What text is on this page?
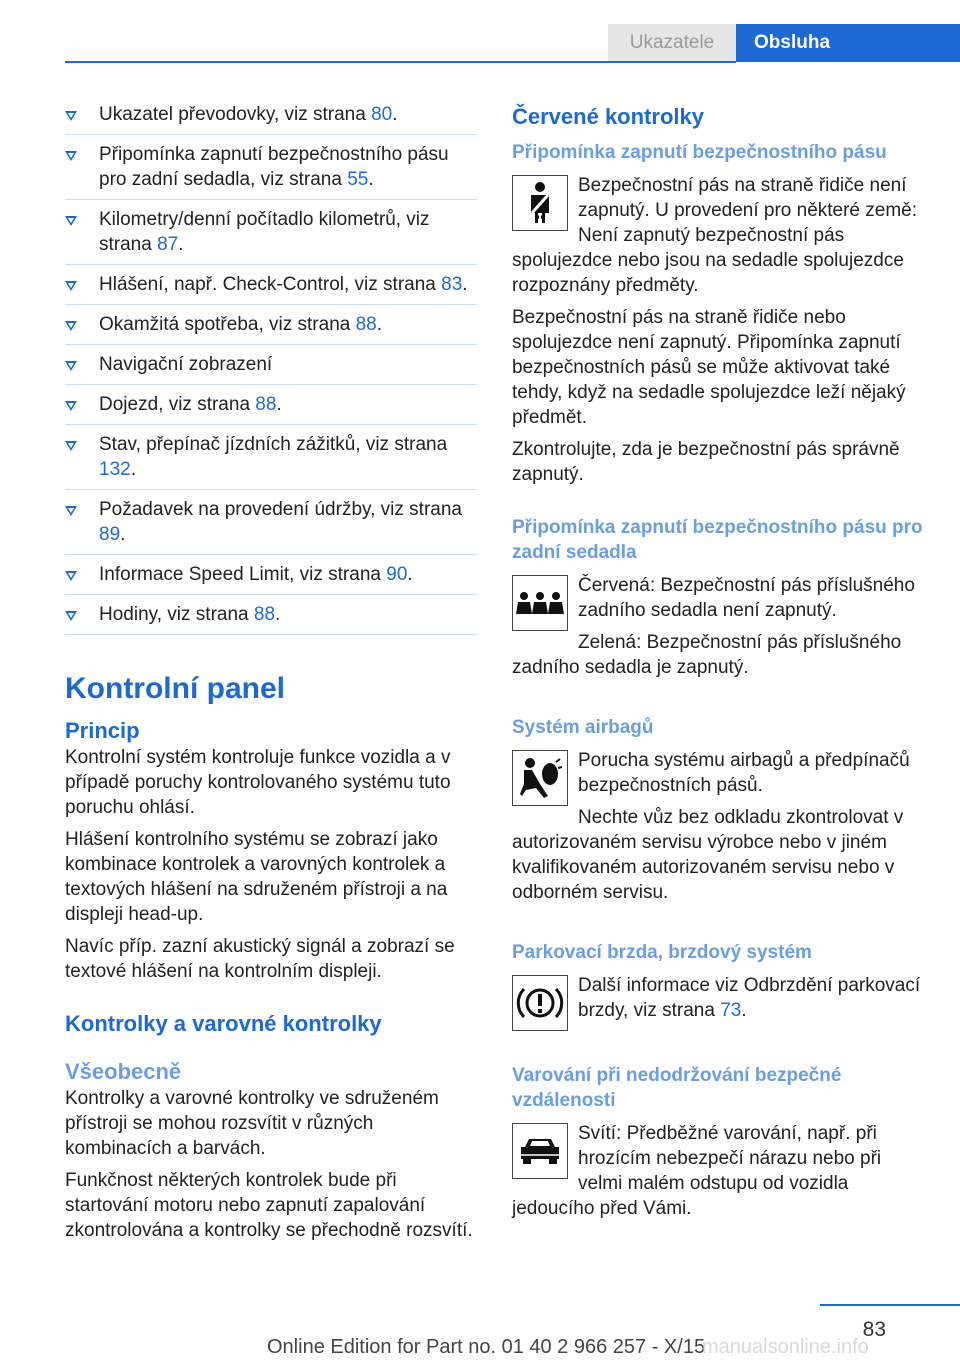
Ukazatele	Obsluha
Ukazatel převodovky, viz strana 80.
Připomínka zapnutí bezpečnostního pásu pro zadní sedadla, viz strana 55.
Kilometry/denní počítadlo kilometrů, viz strana 87.
Hlášení, např. Check-Control, viz strana 83.
Okamžitá spotřeba, viz strana 88.
Navigační zobrazení
Dojezd, viz strana 88.
Stav, přepínač jízdních zážitků, viz strana 132.
Požadavek na provedení údržby, viz strana 89.
Informace Speed Limit, viz strana 90.
Hodiny, viz strana 88.
Kontrolní panel
Princip

Kontrolní systém kontroluje funkce vozidla a v případě poruchy kontrolovaného systému tuto poruchu ohlásí.

Hlášení kontrolního systému se zobrazí jako kombinace kontrolek a varovných kontrolek a textových hlášení na sdruženém přístroji a na displeji head-up.

Navíc příp. zazní akustický signál a zobrazí se textové hlášení na kontrolním displeji.

Kontrolky a varovné kontrolky
Všeobecně

Kontrolky a varovné kontrolky ve sdruženém přístroji se mohou rozsvítit v různých kombinacích a barvách.

Funkčnost některých kontrolek bude při startování motoru nebo zapnutí zapalování zkontrolována a kontrolky se přechodně rozsvítí.

Červené kontrolky
Připomínka zapnutí bezpečnostního pásu

Bezpečnostní pás na straně řidiče není zapnutý. U provedení pro některé země: Není zapnutý bezpečnostní pás spolujezdce nebo jsou na sedadle spolujezdce rozpoznány předměty.

Bezpečnostní pás na straně řidiče nebo spolujezdce není zapnutý. Připomínka zapnutí bezpečnostních pásů se může aktivovat také tehdy, když na sedadle spolujezdce leží nějaký předmět.

Zkontrolujte, zda je bezpečnostní pás správně zapnutý.

Připomínka zapnutí bezpečnostního pásu pro zadní sedadla

Červená: Bezpečnostní pás příslušného zadního sedadla není zapnutý.

Zelená: Bezpečnostní pás příslušného zadního sedadla je zapnutý.

Systém airbagů

Porucha systému airbagů a předpínačů bezpečnostních pásů.

Nechte vůz bez odkladu zkontrolovat v autorizovaném servisu výrobce nebo v jiném kvalifikovaném autorizovaném servisu nebo v odborném servisu.

Parkovací brzda, brzdový systém

Další informace viz Odbrzdění parkovací brzdy, viz strana 73.

Varování při nedodržování bezpečné vzdálenosti

Svítí: Předběžné varování, např. při hrozícím nebezpečí nárazu nebo při velmi malém odstupu od vozidla jedoucího před Vámi.

83
Online Edition for Part no. 01 40 2 966 257 - X/15
manualsonline.info
